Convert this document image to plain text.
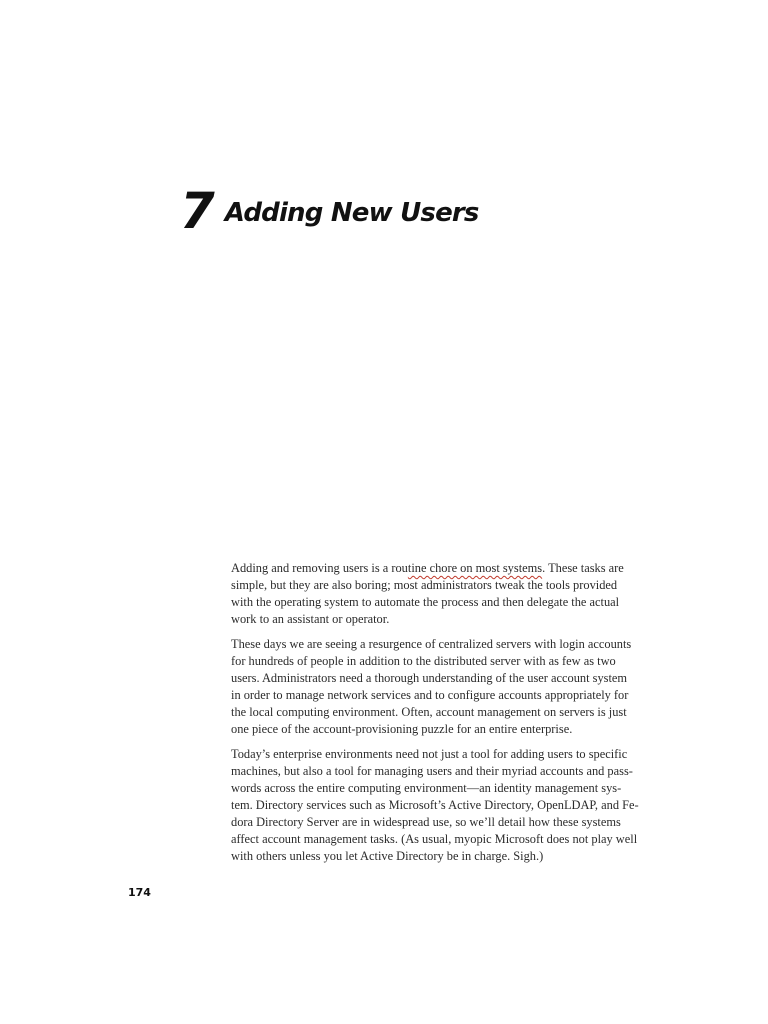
7 Adding New Users

Adding and removing users is a routine chore on most systems. These tasks are
simple, but they are also boring; most administrators tweak the tools provided
with the operating system to automate the process and then delegate the actual
work to an assistant or operator.

These days we are seeing a resurgence of centralized servers with login accounts
for hundreds of people in addition to the distributed server with as few as two
users. Administrators need a thorough understanding of the user account system
in order to manage network services and to configure accounts appropriately for
the local computing environment. Often, account management on servers is just
one piece of the account-provisioning puzzle for an entire enterprise.

Today’s enterprise environments need not just a tool for adding users to specific
machines, but also a tool for managing users and their myriad accounts and pass-
words across the entire computing environment—an identity management sys-
tem. Directory services such as Microsoft’s Active Directory, OpenLDAP, and Fe-
dora Directory Server are in widespread use, so we’ll detail how these systems
affect account management tasks. (As usual, myopic Microsoft does not play well
with others unless you let Active Directory be in charge. Sigh.)

174
